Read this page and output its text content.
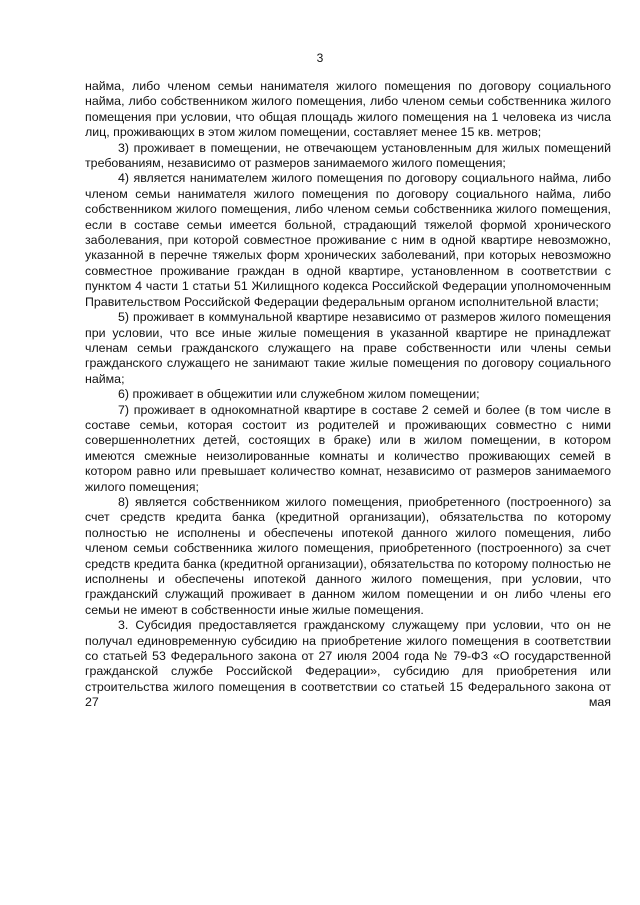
3

найма, либо членом семьи нанимателя жилого помещения по договору социального найма, либо собственником жилого помещения, либо членом семьи собственника жилого помещения при условии, что общая площадь жилого помещения на 1 человека из числа лиц, проживающих в этом жилом помещении, составляет менее 15 кв. метров;

3) проживает в помещении, не отвечающем установленным для жилых помещений требованиям, независимо от размеров занимаемого жилого помещения;

4) является нанимателем жилого помещения по договору социального найма, либо членом семьи нанимателя жилого помещения по договору социального найма, либо собственником жилого помещения, либо членом семьи собственника жилого помещения, если в составе семьи имеется больной, страдающий тяжелой формой хронического заболевания, при которой совместное проживание с ним в одной квартире невозможно, указанной в перечне тяжелых форм хронических заболеваний, при которых невозможно совместное проживание граждан в одной квартире, установленном в соответствии с пунктом 4 части 1 статьи 51 Жилищного кодекса Российской Федерации уполномоченным Правительством Российской Федерации федеральным органом исполнительной власти;

5) проживает в коммунальной квартире независимо от размеров жилого помещения при условии, что все иные жилые помещения в указанной квартире не принадлежат членам семьи гражданского служащего на праве собственности или члены семьи гражданского служащего не занимают такие жилые помещения по договору социального найма;

6) проживает в общежитии или служебном жилом помещении;

7) проживает в однокомнатной квартире в составе 2 семей и более (в том числе в составе семьи, которая состоит из родителей и проживающих совместно с ними совершеннолетних детей, состоящих в браке) или в жилом помещении, в котором имеются смежные неизолированные комнаты и количество проживающих семей в котором равно или превышает количество комнат, независимо от размеров занимаемого жилого помещения;

8) является собственником жилого помещения, приобретенного (построенного) за счет средств кредита банка (кредитной организации), обязательства по которому полностью не исполнены и обеспечены ипотекой данного жилого помещения, либо членом семьи собственника жилого помещения, приобретенного (построенного) за счет средств кредита банка (кредитной организации), обязательства по которому полностью не исполнены и обеспечены ипотекой данного жилого помещения, при условии, что гражданский служащий проживает в данном жилом помещении и он либо члены его семьи не имеют в собственности иные жилые помещения.

3. Субсидия предоставляется гражданскому служащему при условии, что он не получал единовременную субсидию на приобретение жилого помещения в соответствии со статьей 53 Федерального закона от 27 июля 2004 года № 79-ФЗ «О государственной гражданской службе Российской Федерации», субсидию для приобретения или строительства жилого помещения в соответствии со статьей 15 Федерального закона от 27 мая
